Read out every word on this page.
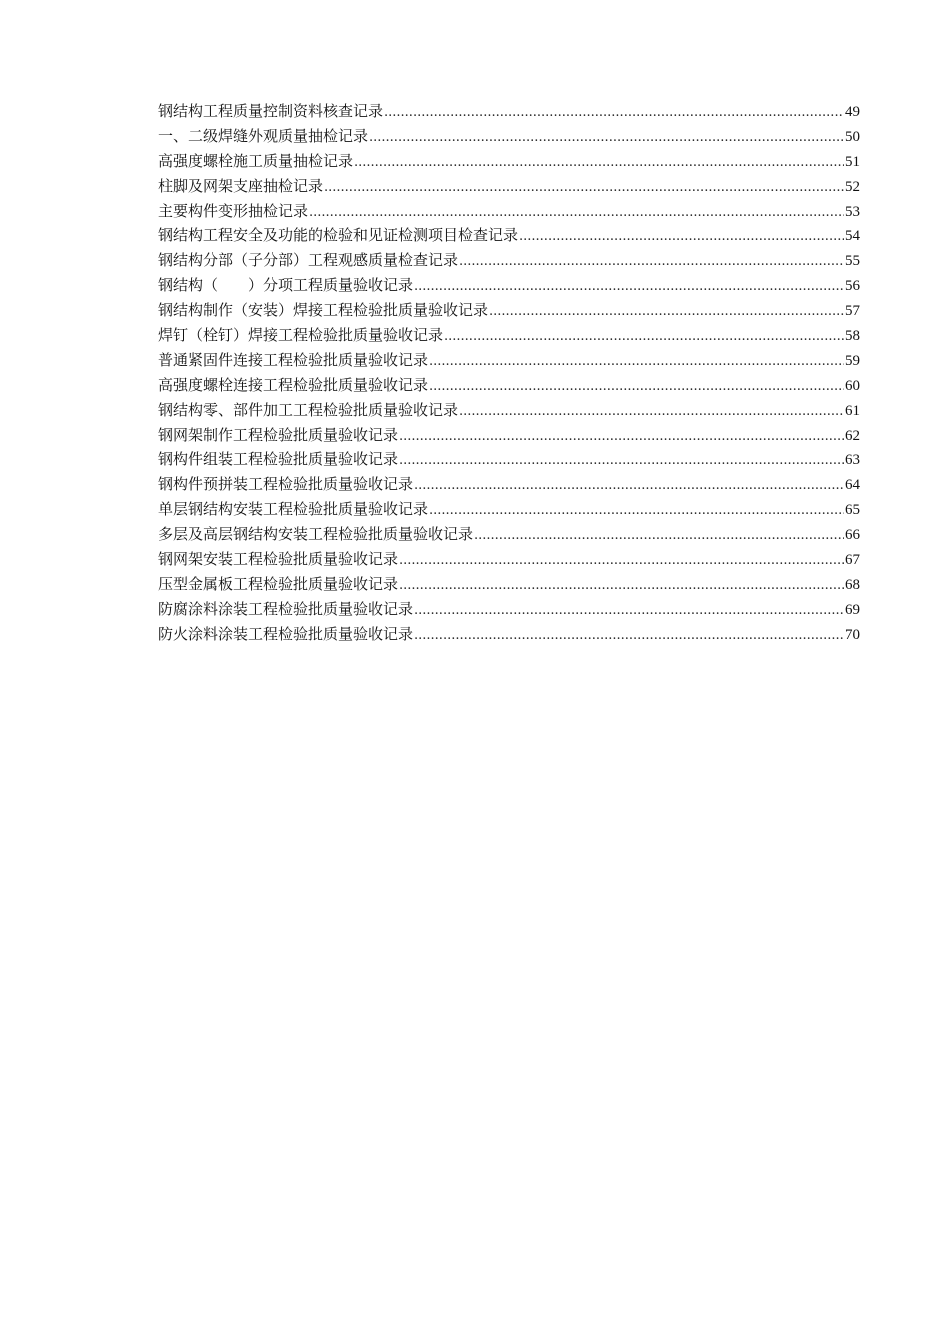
钢结构工程质量控制资料核查记录 .....	49
一、二级焊缝外观质量抽检记录 .....	50
高强度螺栓施工质量抽检记录 .....	51
柱脚及网架支座抽检记录 .....	52
主要构件变形抽检记录 .....	53
钢结构工程安全及功能的检验和见证检测项目检查记录 .....	54
钢结构分部（子分部）工程观感质量检查记录 .....	55
钢结构（　　）分项工程质量验收记录 .....	56
钢结构制作（安装）焊接工程检验批质量验收记录 .....	57
焊钉（栓钉）焊接工程检验批质量验收记录 .....	58
普通紧固件连接工程检验批质量验收记录 .....	59
高强度螺栓连接工程检验批质量验收记录 .....	60
钢结构零、部件加工工程检验批质量验收记录 .....	61
钢网架制作工程检验批质量验收记录 .....	62
钢构件组装工程检验批质量验收记录 .....	63
钢构件预拼装工程检验批质量验收记录 .....	64
单层钢结构安装工程检验批质量验收记录 .....	65
多层及高层钢结构安装工程检验批质量验收记录 .....	66
钢网架安装工程检验批质量验收记录 .....	67
压型金属板工程检验批质量验收记录 .....	68
防腐涂料涂装工程检验批质量验收记录 .....	69
防火涂料涂装工程检验批质量验收记录 .....	70
